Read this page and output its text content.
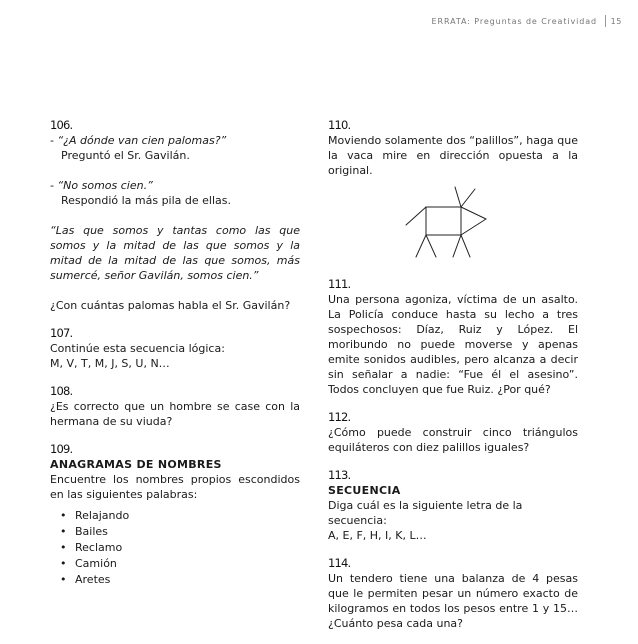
ERRATA: Preguntas de Creatividad 15
106.

- “¿A dónde van cien palomas?”

Preguntó el Sr. Gavilán.

- “No somos cien.”

Respondió la más pila de ellas.

“Las que somos y tantas como las que somos y la mitad de las que somos y la mitad de la mitad de las que somos, más sumercé, señor Gavilán, somos cien.”

¿Con cuántas palomas habla el Sr. Gavilán?

107.

Continúe esta secuencia lógica:

M, V, T, M, J, S, U, N…

108.

¿Es correcto que un hombre se case con la hermana de su viuda?

109.

ANAGRAMAS DE NOMBRES

Encuentre los nombres propios escondidos en las siguientes palabras:

• Relajando
• Bailes
• Reclamo
• Camión
• Aretes
110.

Moviendo solamente dos “palillos”, haga que la vaca mire en dirección opuesta a la original.

111.

Una persona agoniza, víctima de un asalto. La Policía conduce hasta su lecho a tres sospechosos: Díaz, Ruiz y López. El moribundo no puede moverse y apenas emite sonidos audibles, pero alcanza a decir sin señalar a nadie: “Fue él el asesino”. Todos concluyen que fue Ruiz. ¿Por qué?

112.

¿Cómo puede construir cinco triángulos equiláteros con diez palillos iguales?

113.

SECUENCIA

Diga cuál es la siguiente letra de la secuencia:

A, E, F, H, I, K, L…

114.

Un tendero tiene una balanza de 4 pesas que le permiten pesar un número exacto de kilogramos en todos los pesos entre 1 y 15… ¿Cuánto pesa cada una?
